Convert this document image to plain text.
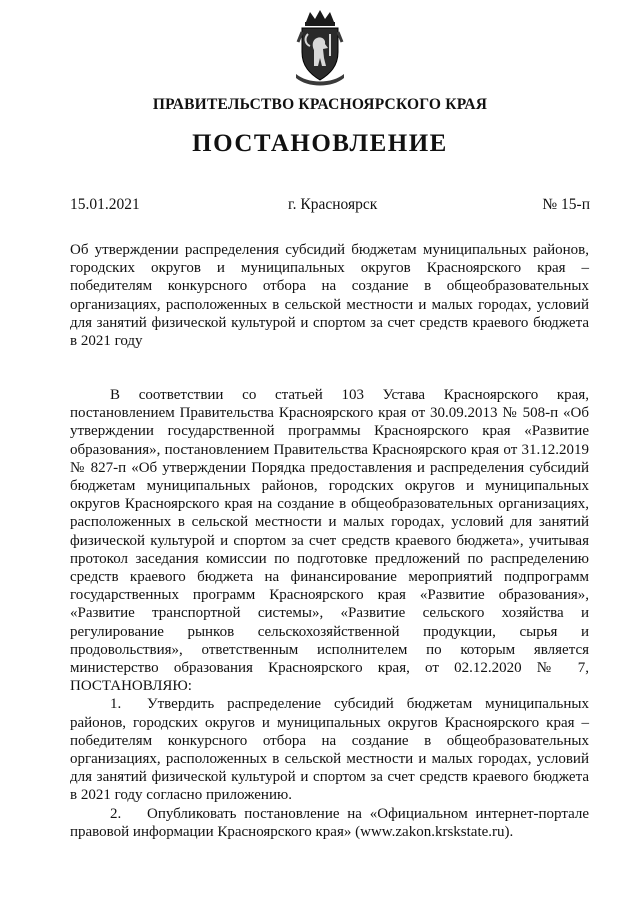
ПРАВИТЕЛЬСТВО КРАСНОЯРСКОГО КРАЯ
ПОСТАНОВЛЕНИЕ
15.01.2021	г. Красноярск	№ 15-п

Об утверждении распределения субсидий бюджетам муниципальных районов, городских округов и муниципальных округов Красноярского края – победителям конкурсного отбора на создание в общеобразовательных организациях, расположенных в сельской местности и малых городах, условий для занятий физической культурой и спортом за счет средств краевого бюджета в 2021 году

В соответствии со статьей 103 Устава Красноярского края, постановлением Правительства Красноярского края от 30.09.2013 № 508-п «Об утверждении государственной программы Красноярского края «Развитие образования», постановлением Правительства Красноярского края от 31.12.2019 № 827-п «Об утверждении Порядка предоставления и распределения субсидий бюджетам муниципальных районов, городских округов и муниципальных округов Красноярского края на создание в общеобразовательных организациях, расположенных в сельской местности и малых городах, условий для занятий физической культурой и спортом за счет средств краевого бюджета», учитывая протокол заседания комиссии по подготовке предложений по распределению средств краевого бюджета на финансирование мероприятий подпрограмм государственных программ Красноярского края «Развитие образования», «Развитие транспортной системы», «Развитие сельского хозяйства и регулирование рынков сельскохозяйственной продукции, сырья и продовольствия», ответственным исполнителем по которым является министерство образования Красноярского края, от 02.12.2020 № 7, ПОСТАНОВЛЯЮ:

1. Утвердить распределение субсидий бюджетам муниципальных районов, городских округов и муниципальных округов Красноярского края – победителям конкурсного отбора на создание в общеобразовательных организациях, расположенных в сельской местности и малых городах, условий для занятий физической культурой и спортом за счет средств краевого бюджета в 2021 году согласно приложению.

2. Опубликовать постановление на «Официальном интернет-портале правовой информации Красноярского края» (www.zakon.krskstate.ru).
